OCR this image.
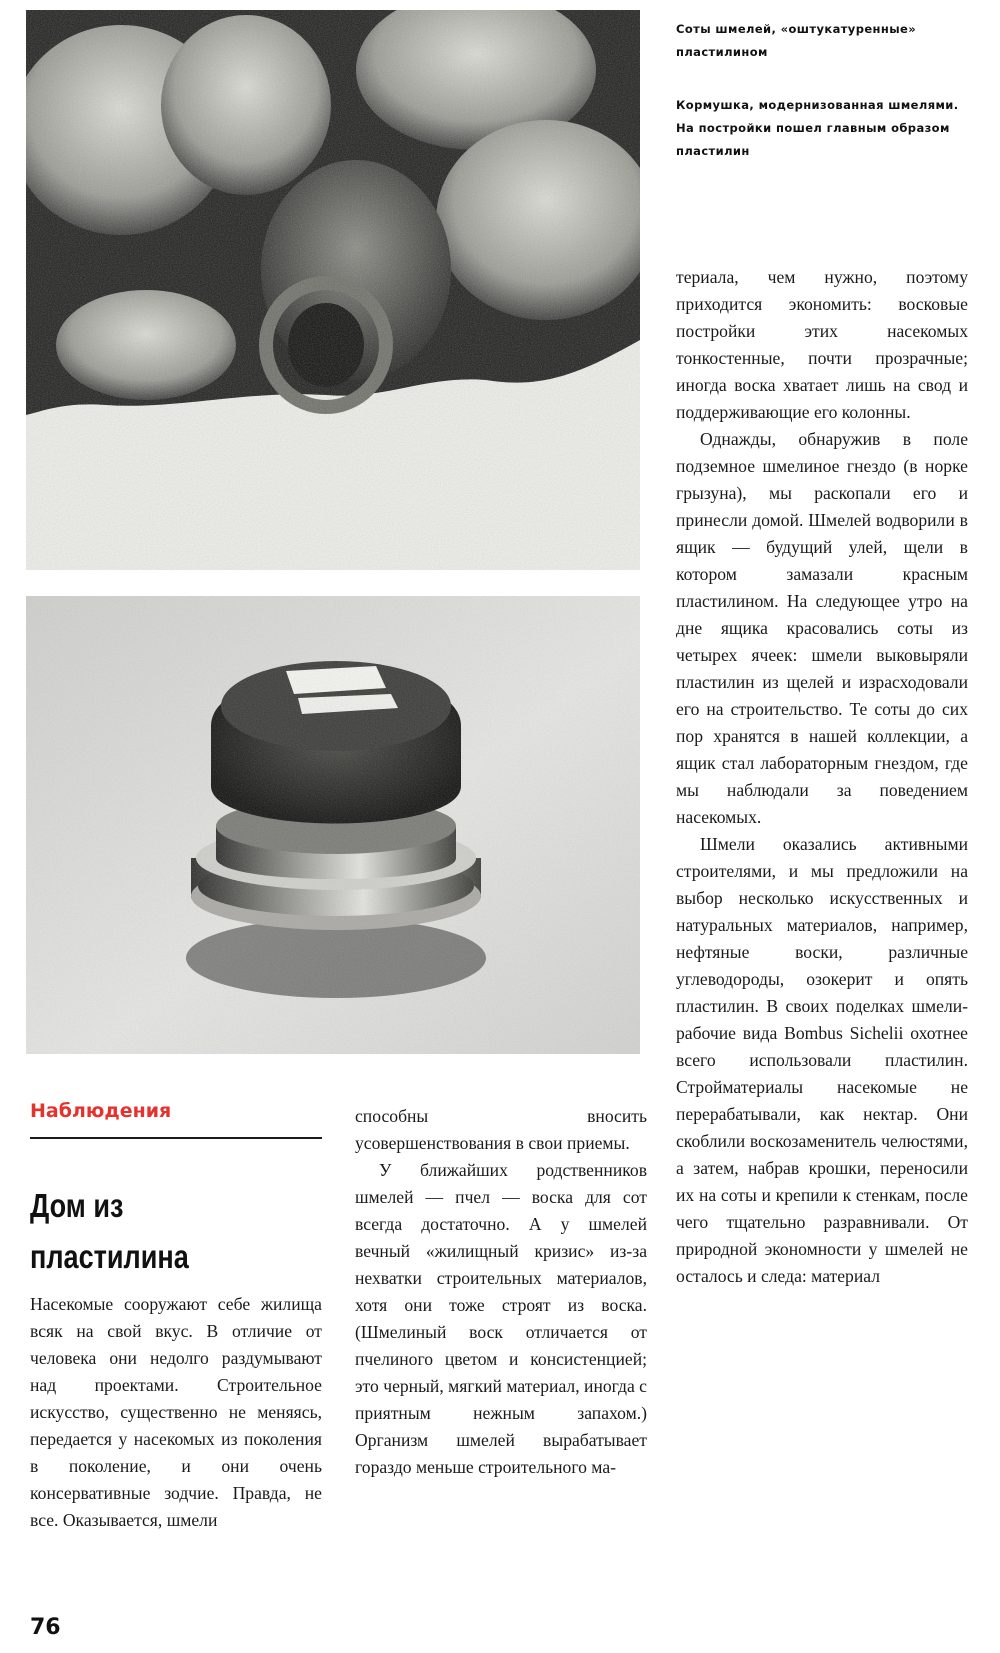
Соты шмелей, «оштукатуренные» пластилином
Кормушка, модернизованная шмелями. На постройки пошел главным образом пластилин
Наблюдения
Дом из пластилина

Насекомые сооружают себе жилища всяк на свой вкус. В отличие от человека они недолго раздумывают над проектами. Строительное искусство, существенно не меняясь, передается у насекомых из поколения в поколение, и они очень консервативные зодчие. Правда, не все. Оказывается, шмели

способны вносить усовершенствования в свои приемы.

У ближайших родственников шмелей — пчел — воска для сот всегда достаточно. А у шмелей вечный «жилищный кризис» из-за нехватки строительных материалов, хотя они тоже строят из воска. (Шмелиный воск отличается от пчелиного цветом и консистенцией; это черный, мягкий материал, иногда с приятным нежным запахом.) Организм шмелей вырабатывает гораздо меньше строительного ма-

териала, чем нужно, поэтому приходится экономить: восковые постройки этих насекомых тонкостенные, почти прозрачные; иногда воска хватает лишь на свод и поддерживающие его колонны.

Однажды, обнаружив в поле подземное шмелиное гнездо (в норке грызуна), мы раскопали его и принесли домой. Шмелей водворили в ящик — будущий улей, щели в котором замазали красным пластилином. На следующее утро на дне ящика красовались соты из четырех ячеек: шмели выковыряли пластилин из щелей и израсходовали его на строительство. Те соты до сих пор хранятся в нашей коллекции, а ящик стал лабораторным гнездом, где мы наблюдали за поведением насекомых.

Шмели оказались активными строителями, и мы предложили на выбор несколько искусственных и натуральных материалов, например, нефтяные воски, различные углеводороды, озокерит и опять пластилин. В своих поделках шмели-рабочие вида Bombus Sichelii охотнее всего использовали пластилин. Стройматериалы насекомые не перерабатывали, как нектар. Они скоблили воскозаменитель челюстями, а затем, набрав крошки, переносили их на соты и крепили к стенкам, после чего тщательно разравнивали. От природной экономности у шмелей не осталось и следа: материал

76
